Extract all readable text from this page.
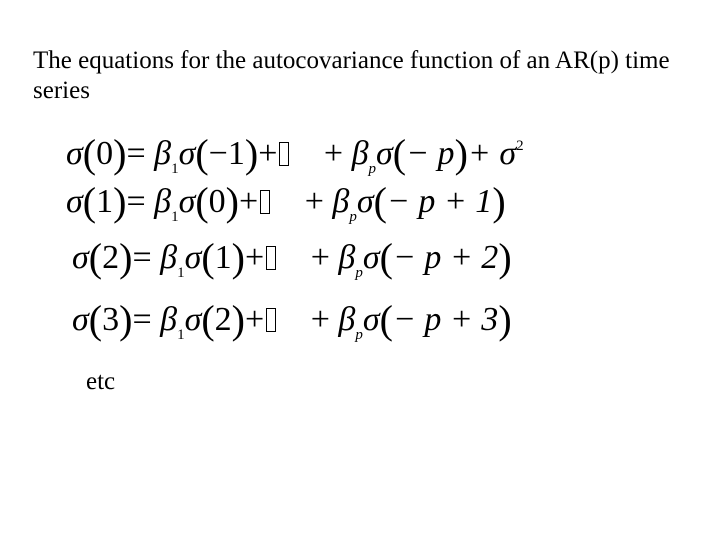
The equations for the autocovariance function of an AR(p) time series
$\sigma(0)= \beta_1\sigma(-1)+ + \beta_p\sigma(- p)+ \sigma^2$
$\sigma(1)= \beta_1\sigma(0)+ + \beta_p\sigma(- p + 1)$
$\sigma(2)= \beta_1\sigma(1)+ + \beta_p\sigma(- p + 2)$
$\sigma(3)= \beta_1\sigma(2)+ + \beta_p\sigma(- p + 3)$
etc
